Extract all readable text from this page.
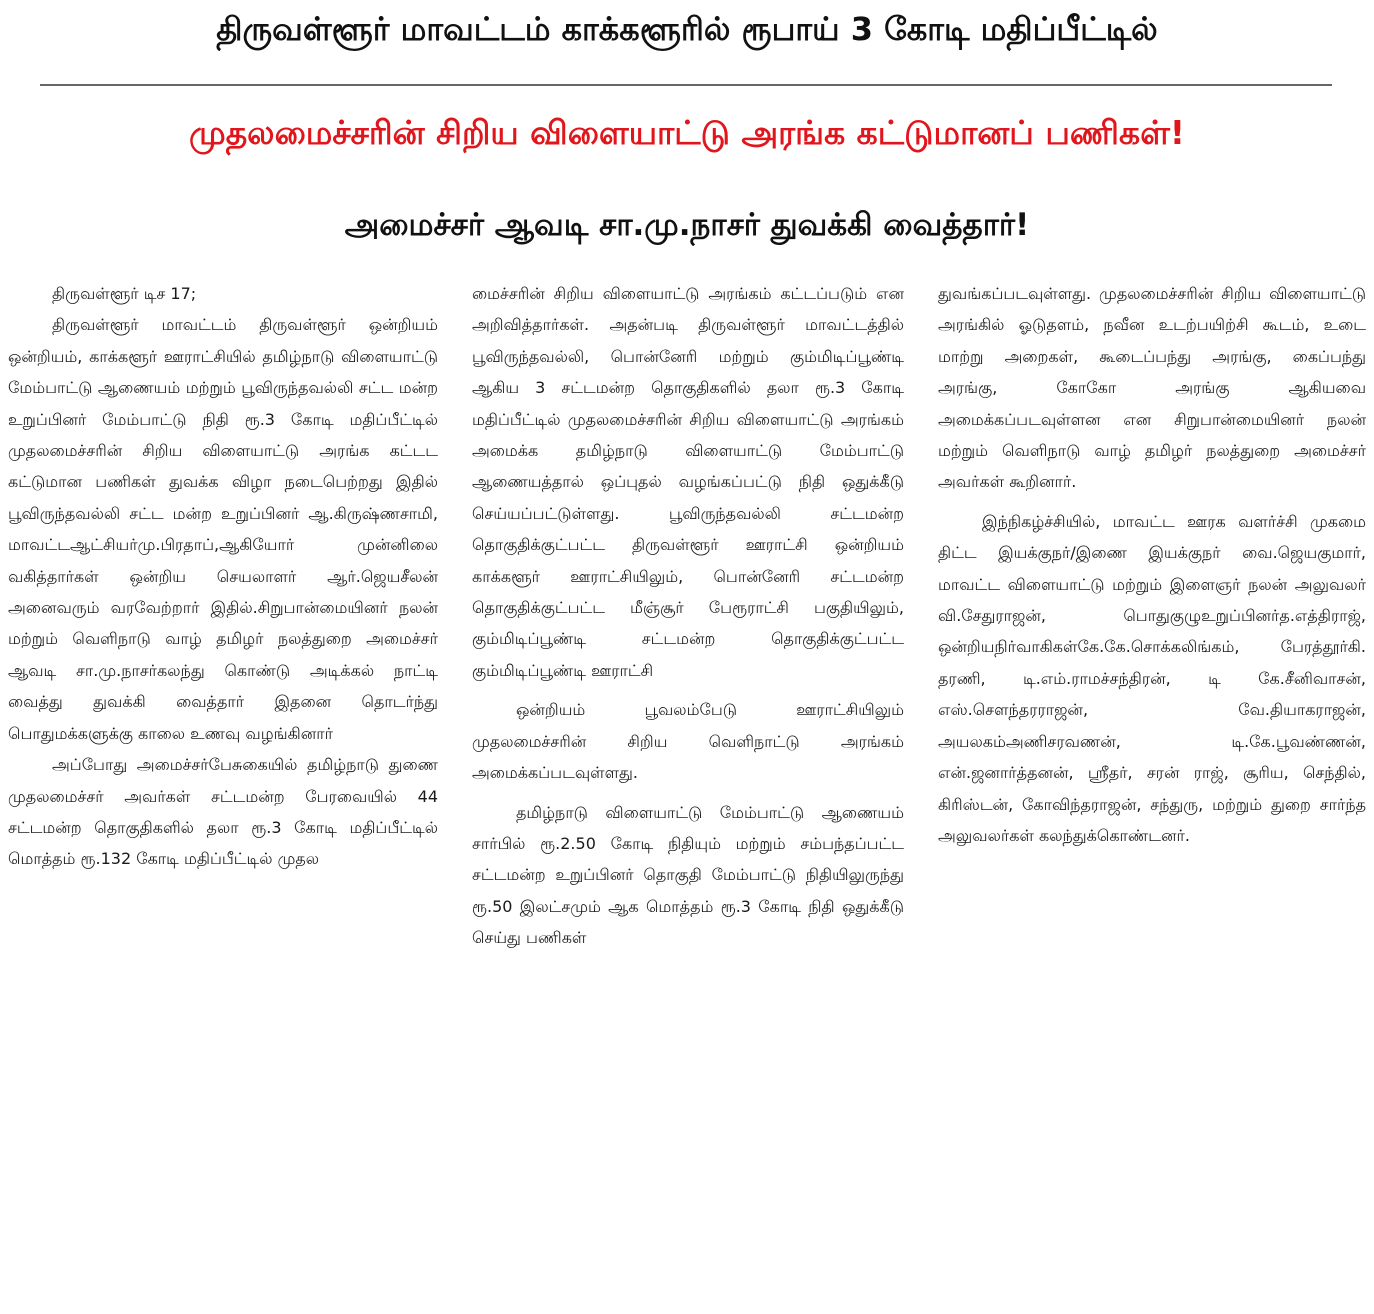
திருவள்ளூர் மாவட்டம் காக்களூரில் ரூபாய் 3 கோடி மதிப்பீட்டில்
முதலமைச்சரின் சிறிய விளையாட்டு அரங்க கட்டுமானப் பணிகள்!
அமைச்சர் ஆவடி சா.மு.நாசர் துவக்கி வைத்தார்!

திருவள்ளூர் டிச 17;

திருவள்ளூர் மாவட்டம் திருவள்ளூர் ஒன்றியம் ஒன்றியம், காக்களூர் ஊராட்சியில் தமிழ்நாடு விளையாட்டு மேம்பாட்டு ஆணையம் மற்றும் பூவிருந்தவல்லி சட்ட மன்ற உறுப்பினர் மேம்பாட்டு நிதி ரூ.3 கோடி மதிப்பீட்டில் முதலமைச்சரின் சிறிய விளையாட்டு அரங்க கட்டட கட்டுமான பணிகள் துவக்க விழா நடைபெற்றது இதில் பூவிருந்தவல்லி சட்ட மன்ற உறுப்பினர் ஆ.கிருஷ்ணசாமி, மாவட்டஆட்சியர்மு.பிரதாப்,ஆகியோர் முன்னிலை வகித்தார்கள் ஒன்றிய செயலாளர் ஆர்.ஜெயசீலன் அனைவரும் வரவேற்றார் இதில்.சிறுபான்மையினர் நலன் மற்றும் வெளிநாடு வாழ் தமிழர் நலத்துறை அமைச்சர் ஆவடி சா.மு.நாசர்கலந்து கொண்டு அடிக்கல் நாட்டி வைத்து துவக்கி வைத்தார் இதனை தொடர்ந்து பொதுமக்களுக்கு காலை உணவு வழங்கினார்

அப்போது அமைச்சர்பேசுகையில் தமிழ்நாடு துணை முதலமைச்சர் அவர்கள் சட்டமன்ற பேரவையில் 44 சட்டமன்ற தொகுதிகளில் தலா ரூ.3 கோடி மதிப்பீட்டில் மொத்தம் ரூ.132 கோடி மதிப்பீட்டில் முதல

மைச்சரின் சிறிய விளையாட்டு அரங்கம் கட்டப்படும் என அறிவித்தார்கள். அதன்படி திருவள்ளூர் மாவட்டத்தில் பூவிருந்தவல்லி, பொன்னேரி மற்றும் கும்மிடிப்பூண்டி ஆகிய 3 சட்டமன்ற தொகுதிகளில் தலா ரூ.3 கோடி மதிப்பீட்டில் முதலமைச்சரின் சிறிய விளையாட்டு அரங்கம் அமைக்க தமிழ்நாடு விளையாட்டு மேம்பாட்டு ஆணையத்தால் ஒப்புதல் வழங்கப்பட்டு நிதி ஒதுக்கீடு செய்யப்பட்டுள்ளது. பூவிருந்தவல்லி சட்டமன்ற தொகுதிக்குட்பட்ட திருவள்ளூர் ஊராட்சி ஒன்றியம் காக்களூர் ஊராட்சியிலும், பொன்னேரி சட்டமன்ற தொகுதிக்குட்பட்ட மீஞ்சூர் பேரூராட்சி பகுதியிலும், கும்மிடிப்பூண்டி சட்டமன்ற தொகுதிக்குட்பட்ட கும்மிடிப்பூண்டி ஊராட்சி

ஒன்றியம் பூவலம்பேடு ஊராட்சியிலும் முதலமைச்சரின் சிறிய வெளிநாட்டு அரங்கம் அமைக்கப்படவுள்ளது.

தமிழ்நாடு விளையாட்டு மேம்பாட்டு ஆணையம் சார்பில் ரூ.2.50 கோடி நிதியும் மற்றும் சம்பந்தப்பட்ட சட்டமன்ற உறுப்பினர் தொகுதி மேம்பாட்டு நிதியிலுருந்து ரூ.50 இலட்சமும் ஆக மொத்தம் ரூ.3 கோடி நிதி ஒதுக்கீடு செய்து பணிகள்

துவங்கப்படவுள்ளது. முதலமைச்சரின் சிறிய விளையாட்டு அரங்கில் ஓடுதளம், நவீன உடற்பயிற்சி கூடம், உடை மாற்று அறைகள், கூடைப்பந்து அரங்கு, கைப்பந்து அரங்கு, கோகோ அரங்கு ஆகியவை அமைக்கப்படவுள்ளன என சிறுபான்மையினர் நலன் மற்றும் வெளிநாடு வாழ் தமிழர் நலத்துறை அமைச்சர் அவர்கள் கூறினார்.

இந்நிகழ்ச்சியில், மாவட்ட ஊரக வளர்ச்சி முகமை திட்ட இயக்குநர்/இணை இயக்குநர் வை.ஜெயகுமார், மாவட்ட விளையாட்டு மற்றும் இளைஞர் நலன் அலுவலர் வி.சேதுராஜன், பொதுகுழுஉறுப்பினர்த.எத்திராஜ், ஒன்றியநிர்வாகிகள்கே.கே.சொக்கலிங்கம், பேரத்தூர்கி. தரணி, டி.எம்.ராமச்சந்திரன், டி கே.சீனிவாசன், எஸ்.சௌந்தரராஜன், வே.தியாகராஜன், அயலகம்அணிசரவணன், டி.கே.பூவண்ணன், என்.ஜனார்த்தனன், ஸ்ரீதர், சரன் ராஜ், சூரிய, செந்தில், கிரிஸ்டன், கோவிந்தராஜன், சந்துரு, மற்றும் துறை சார்ந்த அலுவலர்கள் கலந்துக்கொண்டனர்.
